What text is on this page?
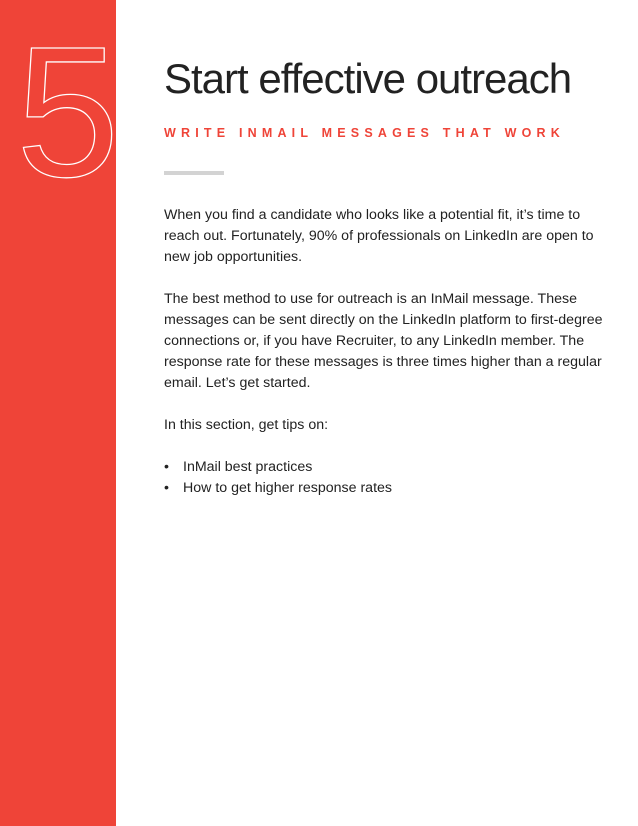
5 Start effective outreach
WRITE INMAIL MESSAGES THAT WORK

When you find a candidate who looks like a potential fit, it’s time to reach out. Fortunately, 90% of professionals on LinkedIn are open to new job opportunities.

The best method to use for outreach is an InMail message. These messages can be sent directly on the LinkedIn platform to first-degree connections or, if you have Recruiter, to any LinkedIn member. The response rate for these messages is three times higher than a regular email. Let’s get started.

In this section, get tips on:

• InMail best practices
• How to get higher response rates
